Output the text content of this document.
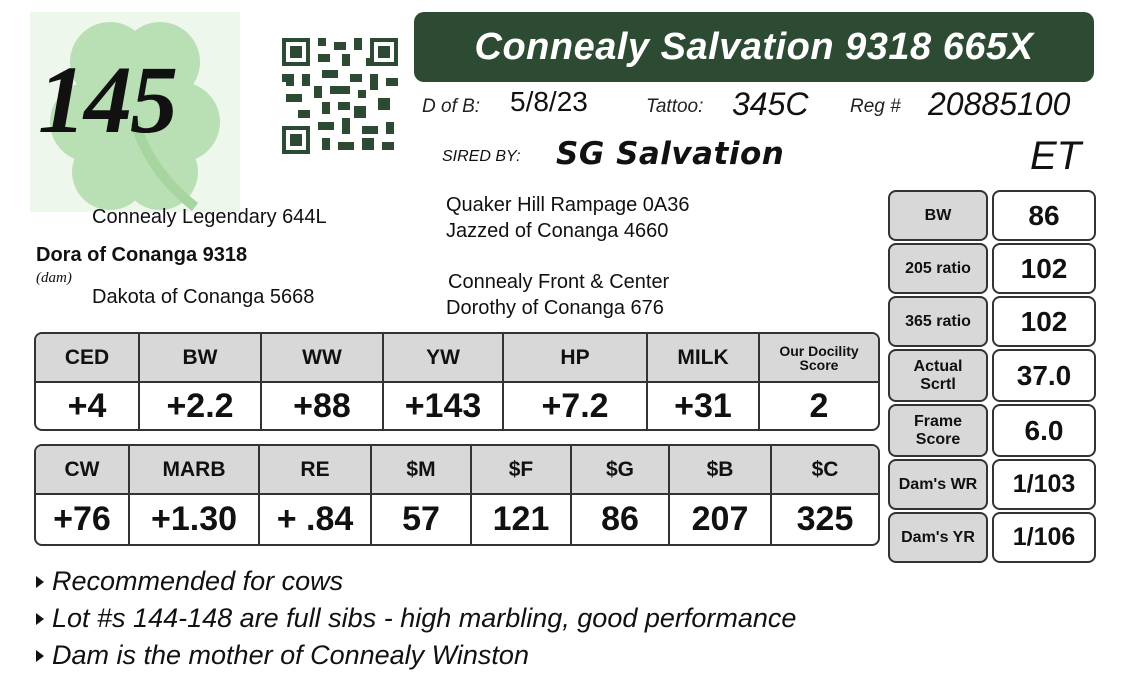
145	Connealy Salvation 9318 665X
D of B: 5/8/23	Tattoo: 345C Reg # 20885100
SIRED BY: SG Salvation	ET
Connealy Legendary 644L
Dora of Conanga 9318
(dam)
Dakota of Conanga 5668
Quaker Hill Rampage 0A36
Jazzed of Conanga 4660
Connealy Front & Center
Dorothy of Conanga 676
CED	BW	WW	YW	HP	MILK	Our Docility
Score
+4	+2.2	+88	+143	+7.2	+31	2
CW	MARB	RE	$M	$F	$G	$B	$C
+76	+1.30	+ .84	57	121	86	207	325
BW	86
205 ratio	102
365 ratio	102
Actual Scrtl	37.0
Frame Score	6.0
Dam's WR	1/103
Dam's YR	1/106
Recommended for cows
Lot #s 144-148 are full sibs - high marbling, good performance
Dam is the mother of Connealy Winston
